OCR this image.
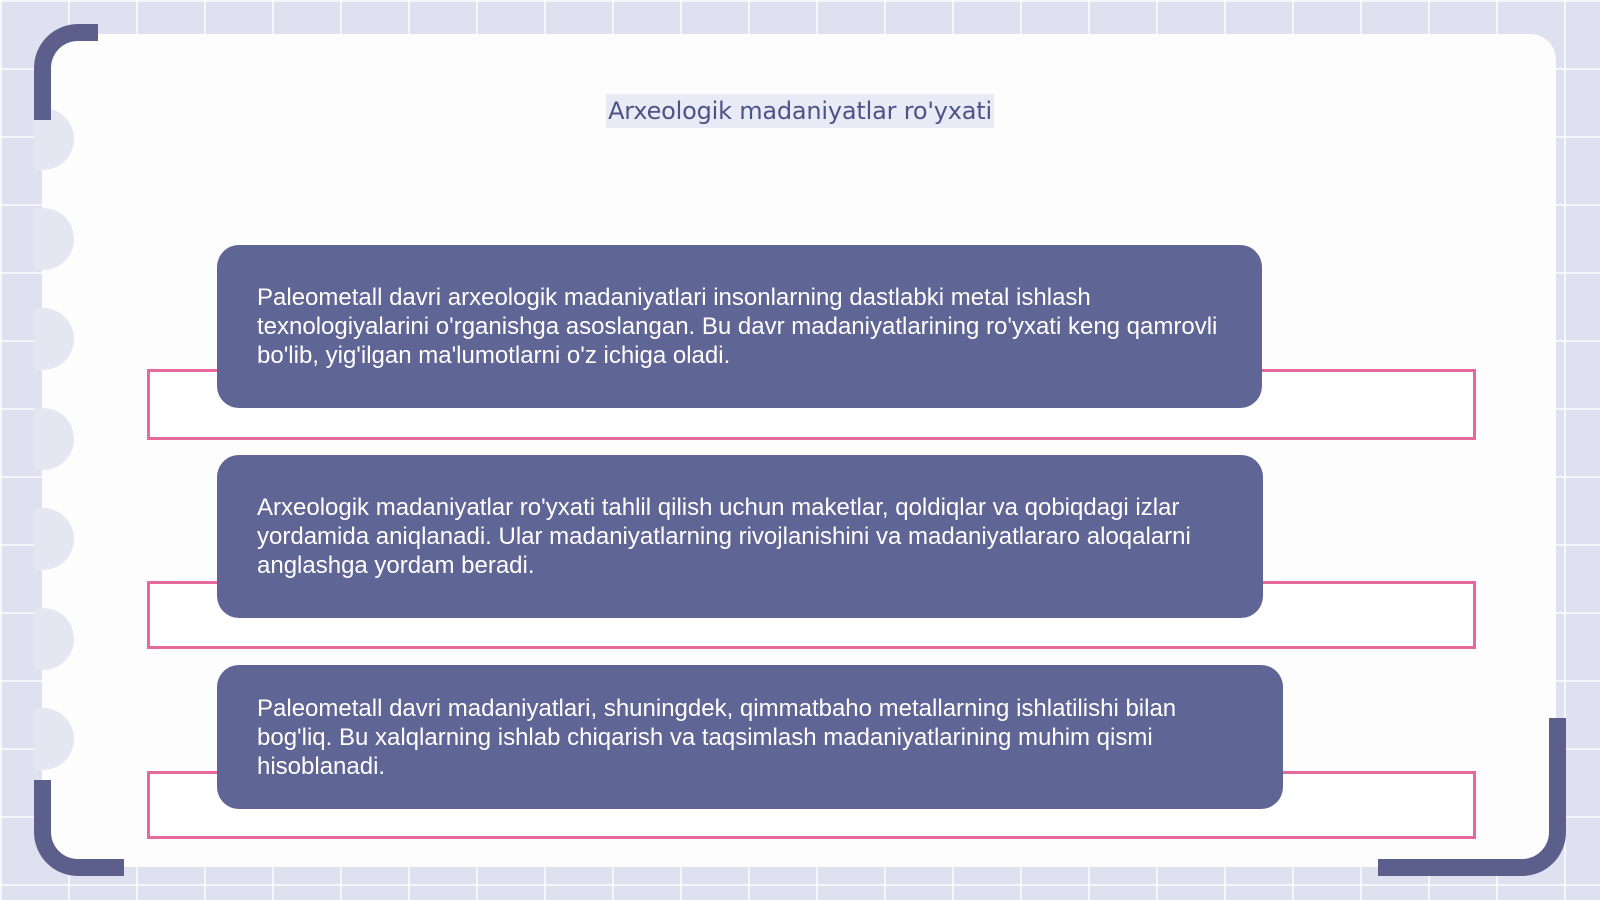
Arxeologik madaniyatlar ro'yxati

Paleometall davri arxeologik madaniyatlari insonlarning dastlabki metal ishlash texnologiyalarini o'rganishga asoslangan. Bu davr madaniyatlarining ro'yxati keng qamrovli bo'lib, yig'ilgan ma'lumotlarni o'z ichiga oladi.

Arxeologik madaniyatlar ro'yxati tahlil qilish uchun maketlar, qoldiqlar va qobiqdagi izlar yordamida aniqlanadi. Ular madaniyatlarning rivojlanishini va madaniyatlararo aloqalarni anglashga yordam beradi.

Paleometall davri madaniyatlari, shuningdek, qimmatbaho metallarning ishlatilishi bilan bog'liq. Bu xalqlarning ishlab chiqarish va taqsimlash madaniyatlarining muhim qismi hisoblanadi.
